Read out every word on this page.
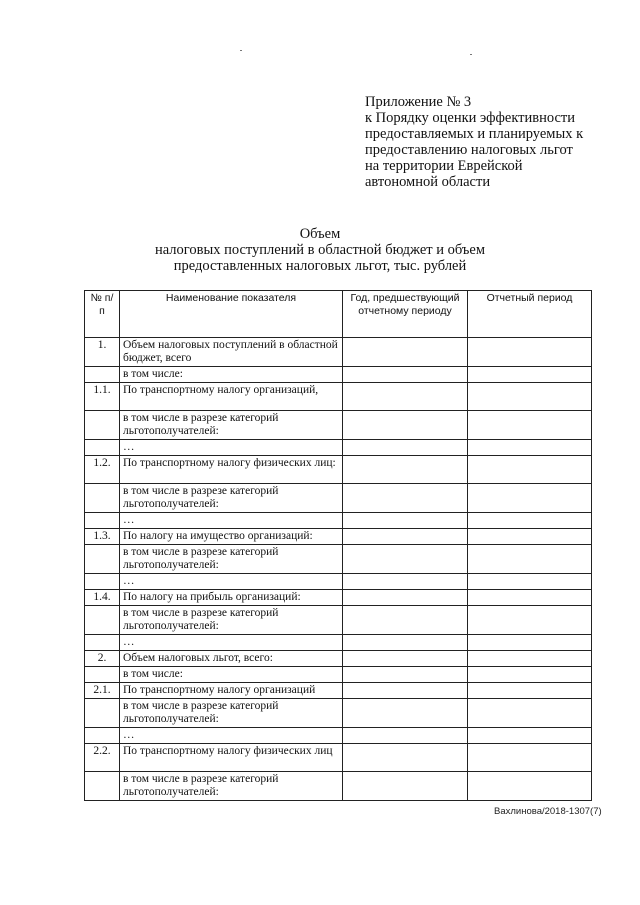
Приложение № 3
к Порядку оценки эффективности
предоставляемых и планируемых к
предоставлению налоговых льгот
на территории Еврейской
автономной области
Объем
налоговых поступлений в областной бюджет и объем
предоставленных налоговых льгот, тыс. рублей
№ п/п	Наименование показателя	Год, предшествующий отчетному периоду	Отчетный период
1.	Объем налоговых поступлений в областной бюджет, всего		
	в том числе:		
1.1.	По транспортному налогу организаций,		
	в том числе в разрезе категорий льготополучателей:		
	…		
1.2.	По транспортному налогу физических лиц:		
	в том числе в разрезе категорий льготополучателей:		
	…		
1.3.	По налогу на имущество организаций:		
	в том числе в разрезе категорий льготополучателей:		
	…		
1.4.	По налогу на прибыль организаций:		
	в том числе в разрезе категорий льготополучателей:		
	…		
2.	Объем налоговых льгот, всего:		
	в том числе:		
2.1.	По транспортному налогу организаций		
	в том числе в разрезе категорий льготополучателей:		
	…		
2.2.	По транспортному налогу физических лиц		
	в том числе в разрезе категорий льготополучателей:		
Вахлинова/2018-1307(7)
